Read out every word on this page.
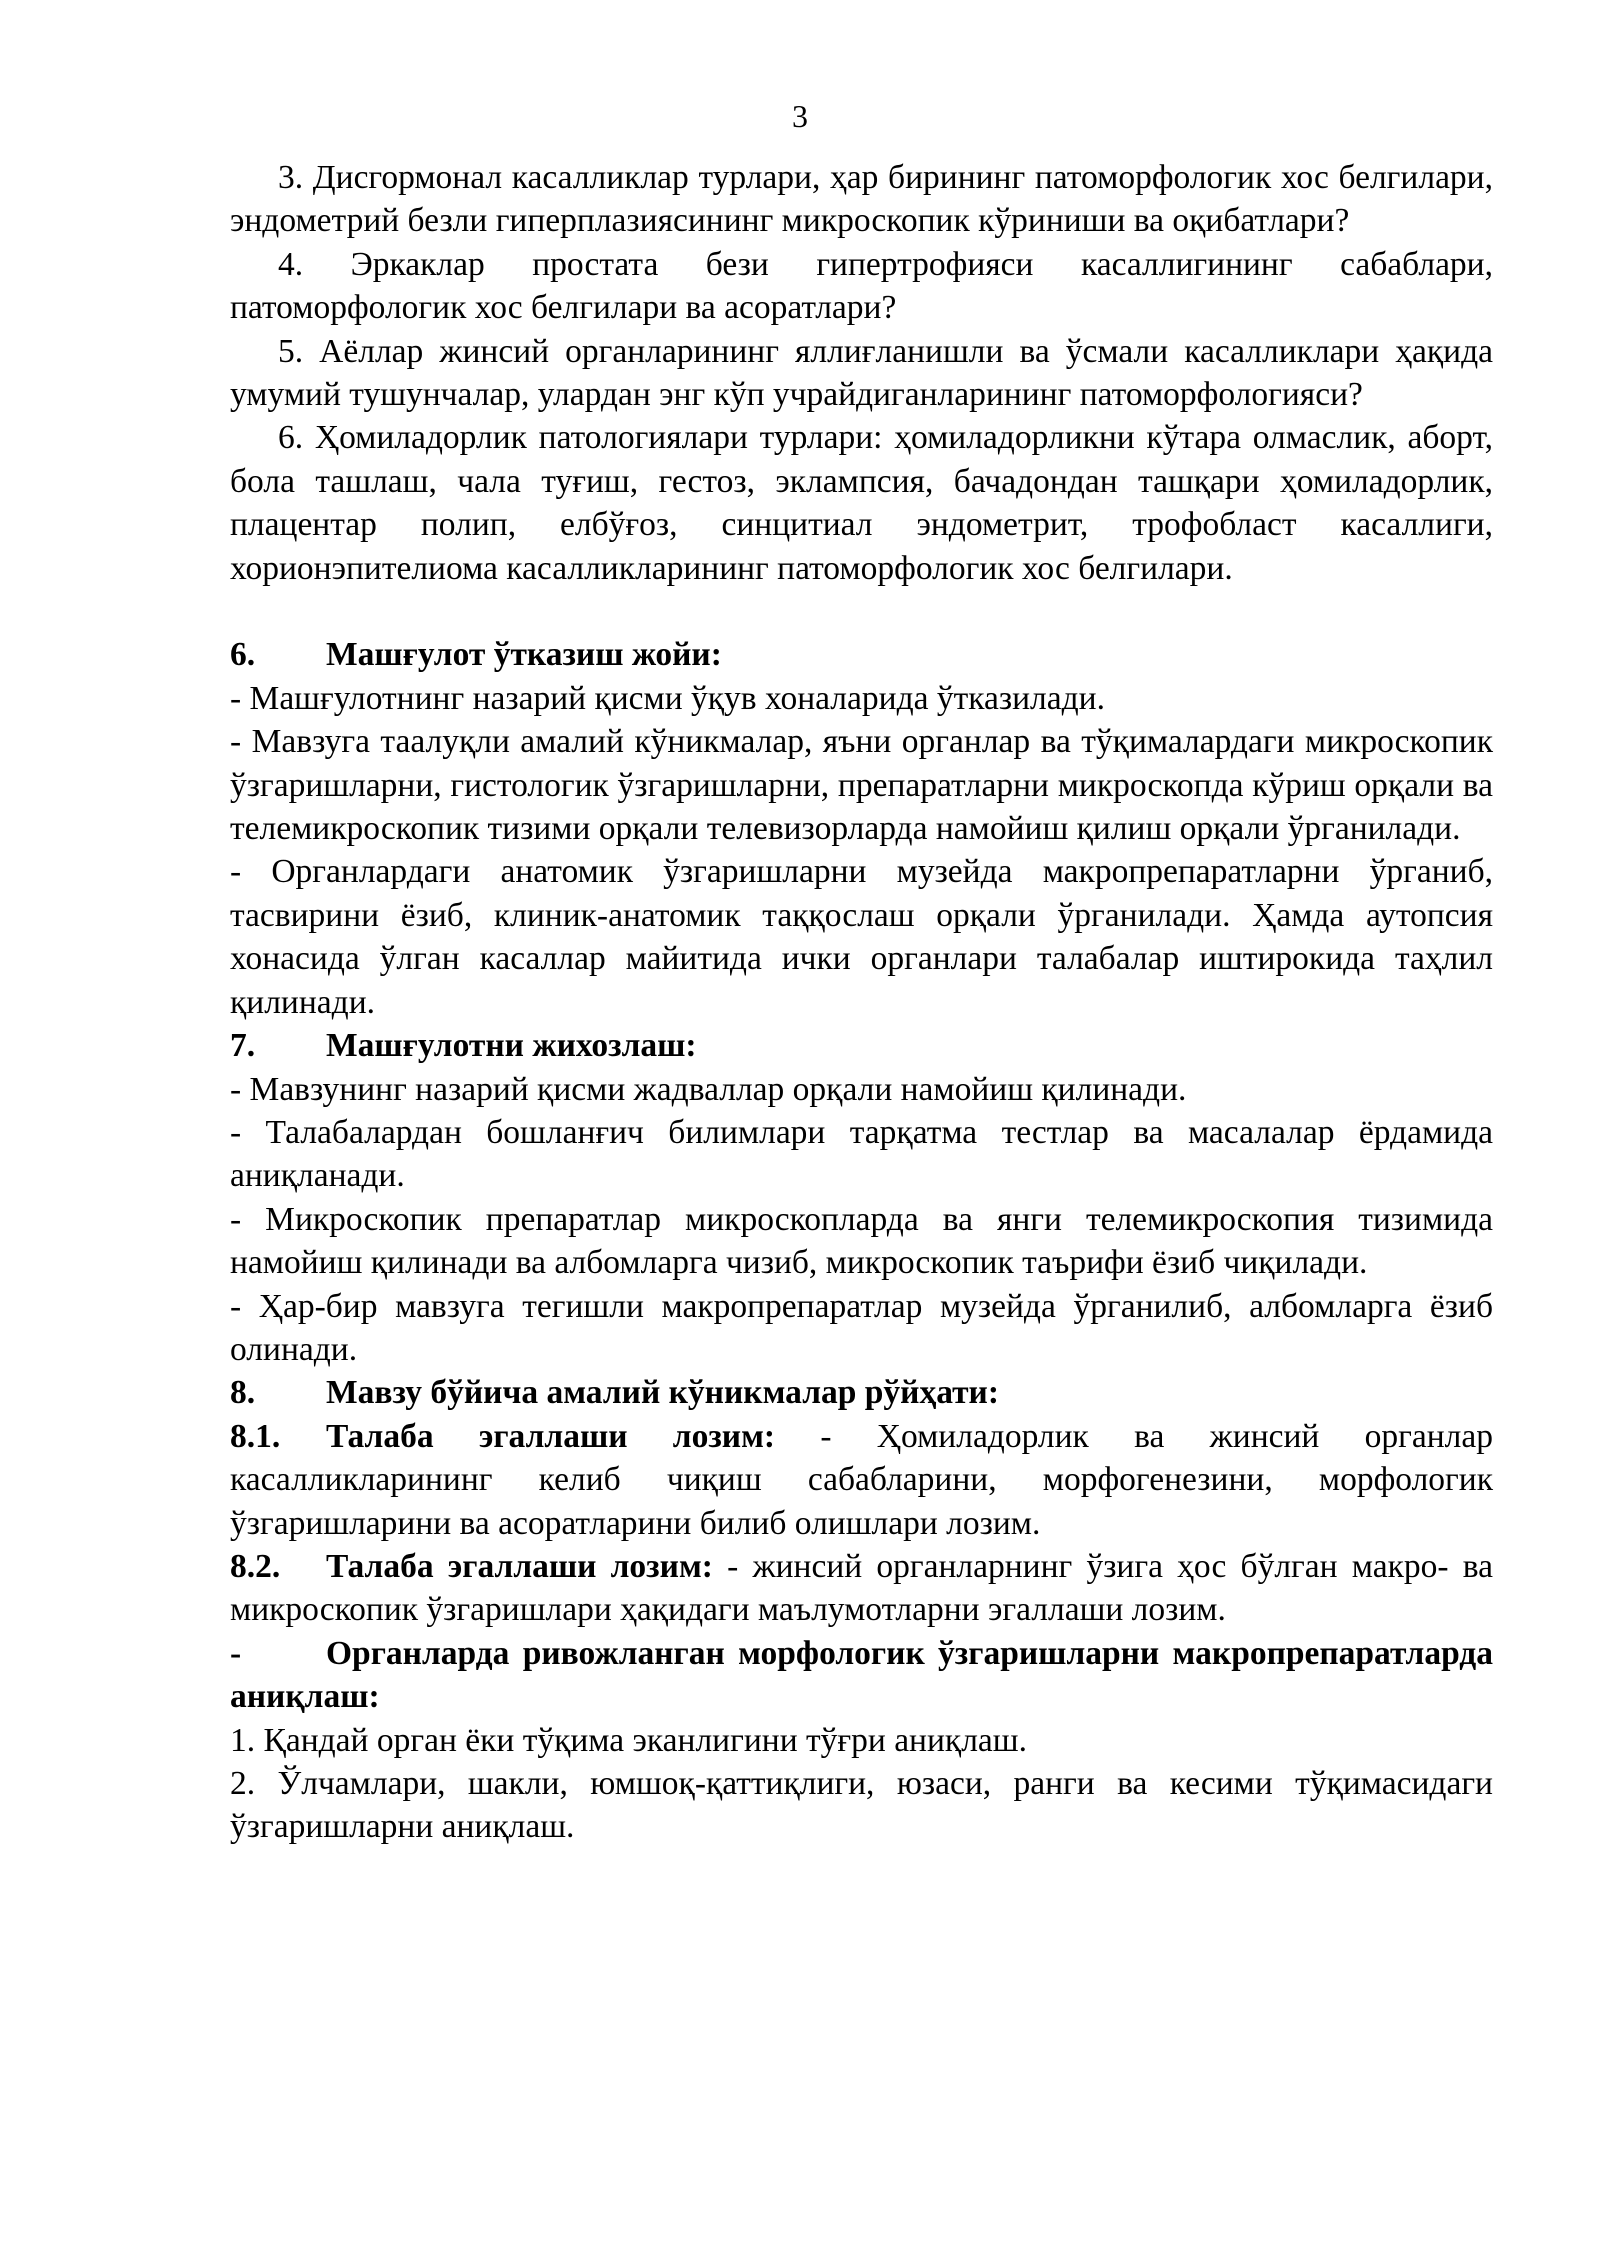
3

3. Дисгормонал касалликлар турлари, ҳар бирининг патоморфологик хос белгилари, эндометрий безли гиперплазиясининг микроскопик кўриниши ва оқибатлари?

4. Эркаклар простата бези гипертрофияси касаллигининг сабаблари, патоморфологик хос белгилари ва асоратлари?

5. Аёллар жинсий органларининг яллиғланишли ва ўсмали касалликлари ҳақида умумий тушунчалар, улардан энг кўп учрайдиганларининг патоморфологияси?

6. Ҳомиладорлик патологиялари турлари: ҳомиладорликни кўтара олмаслик, аборт, бола ташлаш, чала туғиш, гестоз, эклампсия, бачадондан ташқари ҳомиладорлик, плацентар полип, елбўғоз, синцитиал эндометрит, трофобласт касаллиги, хорионэпителиома касалликларининг патоморфологик хос белгилари.

6. Машғулот ўтказиш жойи:

- Машғулотнинг назарий қисми ўқув хоналарида ўтказилади.

- Мавзуга таалуқли амалий кўникмалар, яъни органлар ва тўқималардаги микроскопик ўзгаришларни, гистологик ўзгаришларни, препаратларни микроскопда кўриш орқали ва телемикроскопик тизими орқали телевизорларда намойиш қилиш орқали ўрганилади.

- Органлардаги анатомик ўзгаришларни музейда макропрепаратларни ўрганиб, тасвирини ёзиб, клиник-анатомик таққослаш орқали ўрганилади. Ҳамда аутопсия хонасида ўлган касаллар майитида ички органлари талабалар иштирокида таҳлил қилинади.

7. Машғулотни жихозлаш:

- Мавзунинг назарий қисми жадваллар орқали намойиш қилинади.

- Талабалардан бошланғич билимлари тарқатма тестлар ва масалалар ёрдамида аниқланади.

- Микроскопик препаратлар микроскопларда ва янги телемикроскопия тизимида намойиш қилинади ва албомларга чизиб, микроскопик таърифи ёзиб чиқилади.

- Ҳар-бир мавзуга тегишли макропрепаратлар музейда ўрганилиб, албомларга ёзиб олинади.

8. Мавзу бўйича амалий кўникмалар рўйҳати:

8.1. Талаба эгаллаши лозим: - Ҳомиладорлик ва жинсий органлар касалликларининг келиб чиқиш сабабларини, морфогенезини, морфологик ўзгаришларини ва асоратларини билиб олишлари лозим.

8.2. Талаба эгаллаши лозим: - жинсий органларнинг ўзига ҳос бўлган макро- ва микроскопик ўзгаришлари ҳақидаги маълумотларни эгаллаши лозим.

-	Органларда ривожланган морфологик ўзгаришларни макропрепаратларда аниқлаш:

1. Қандай орган ёки тўқима эканлигини тўғри аниқлаш.

2. Ўлчамлари, шакли, юмшоқ-қаттиқлиги, юзаси, ранги ва кесими тўқимасидаги ўзгаришларни аниқлаш.
